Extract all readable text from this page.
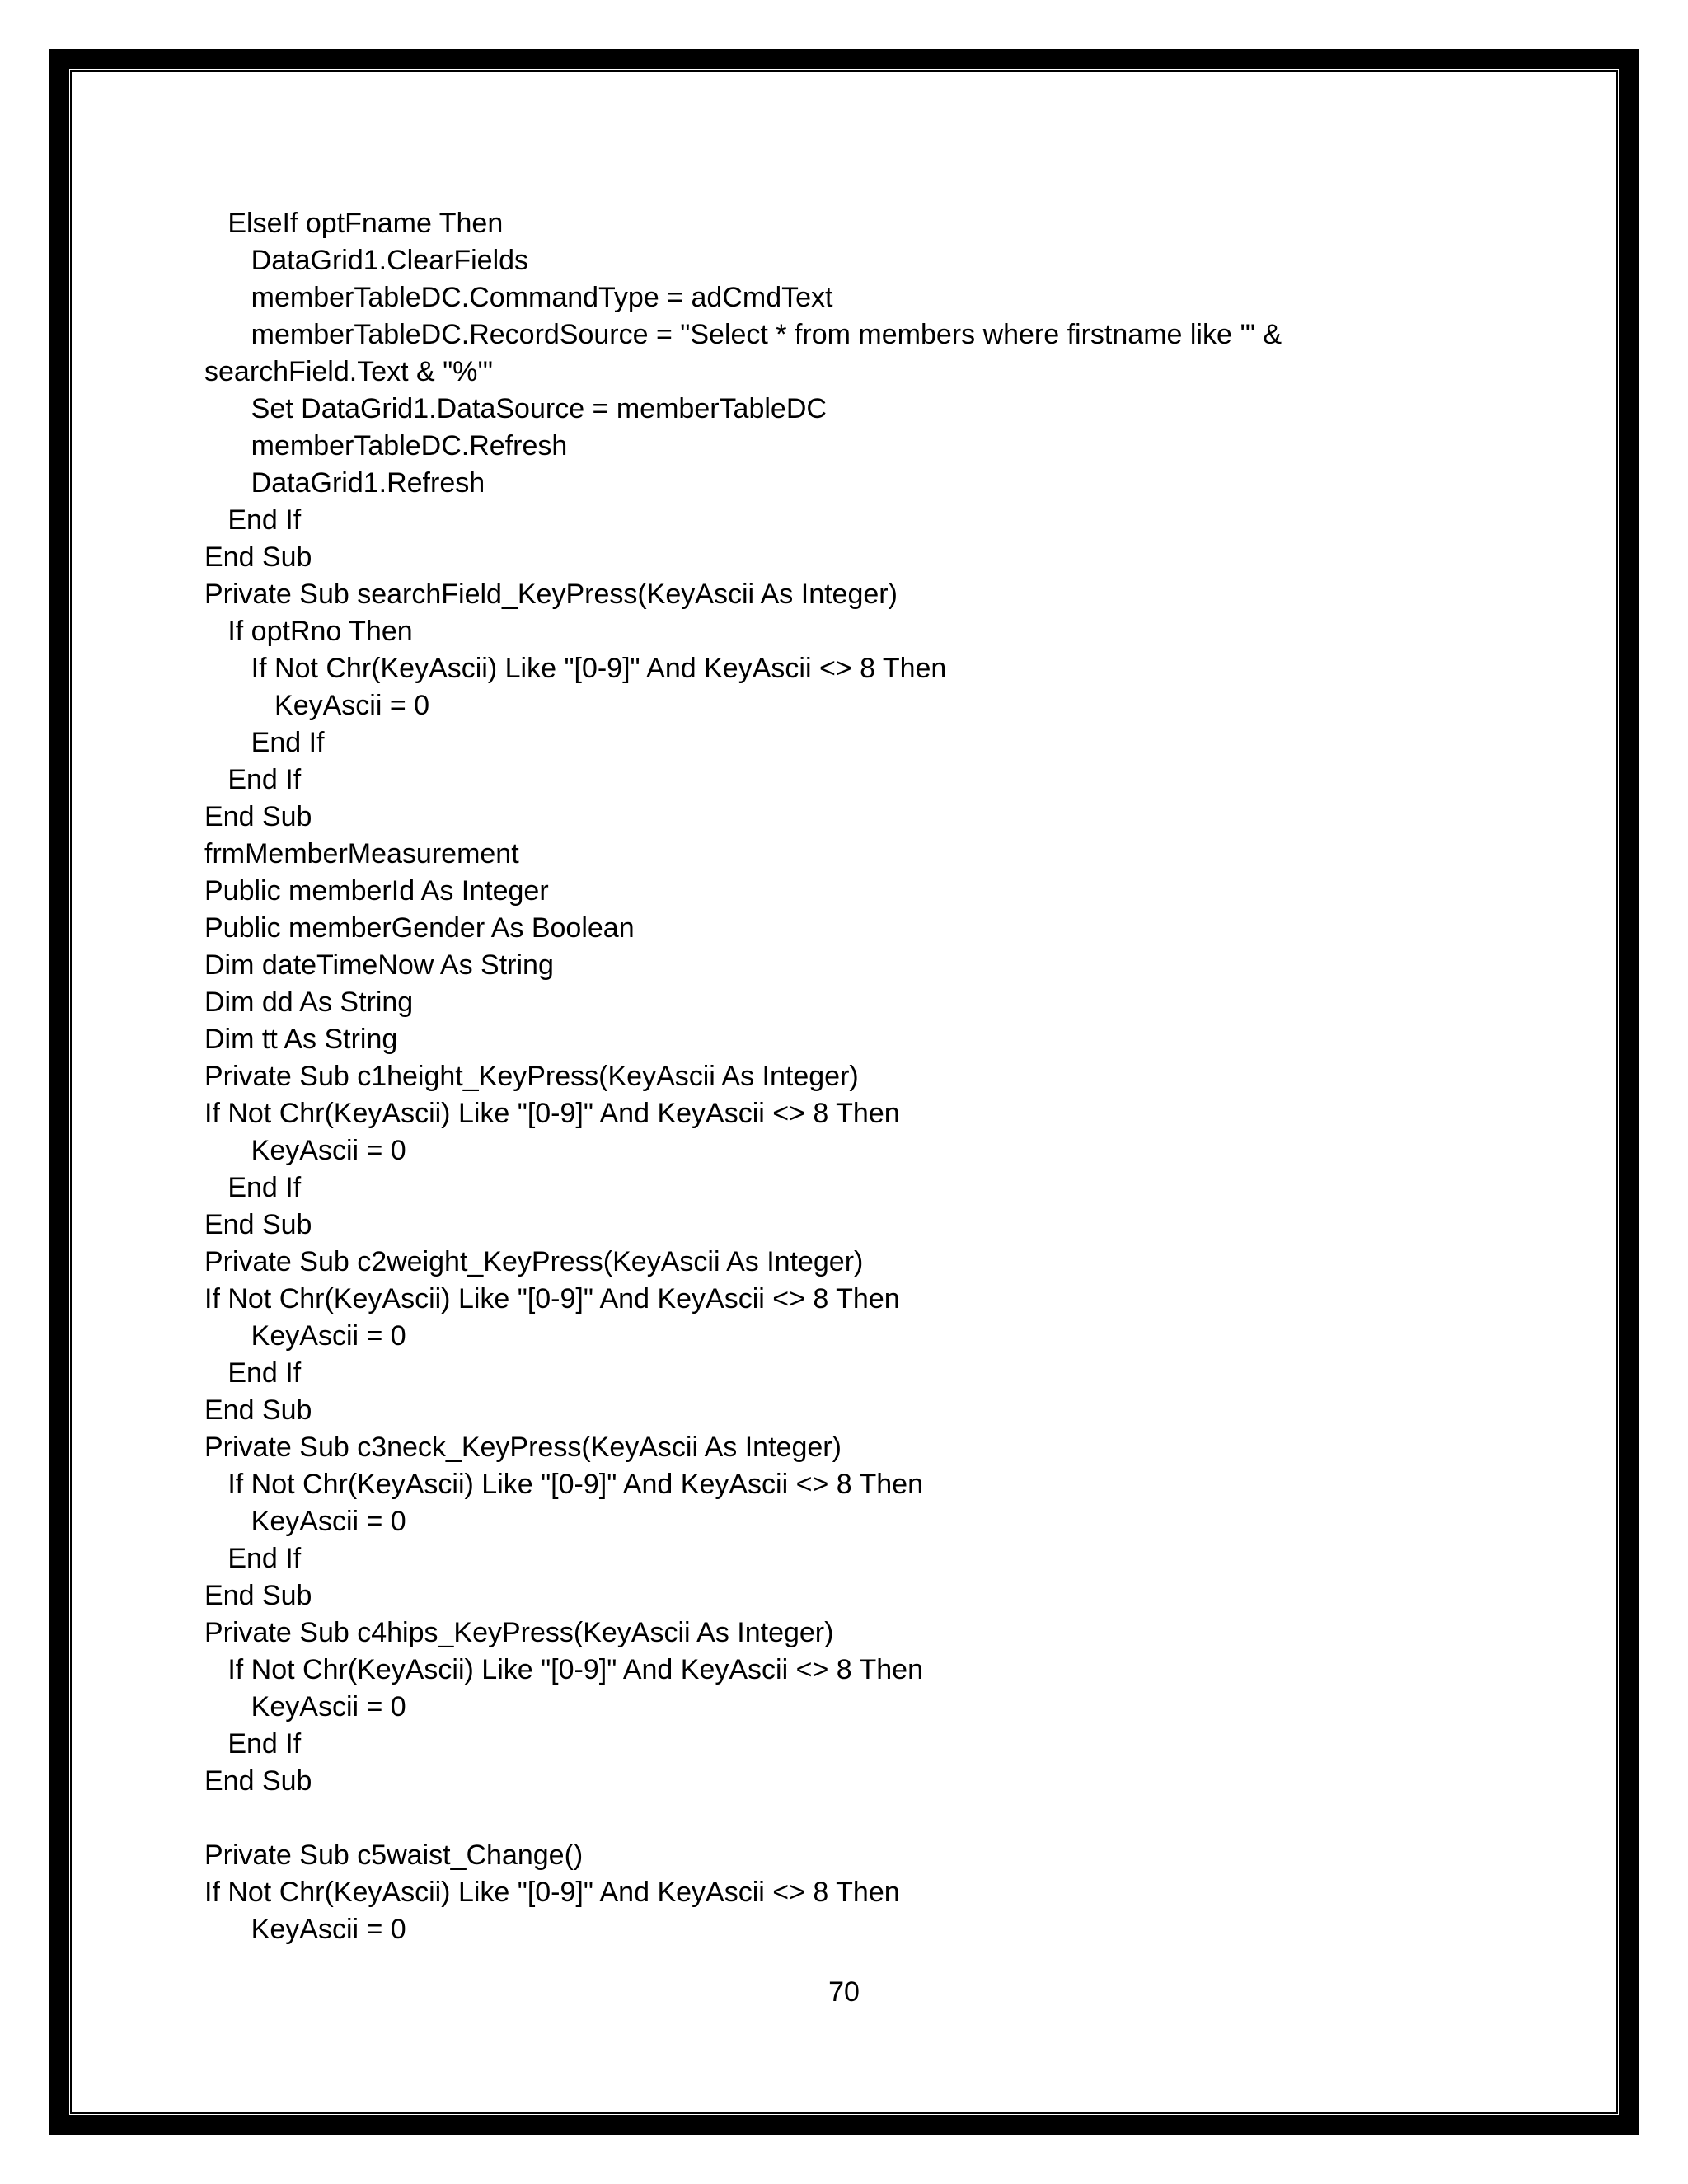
ElseIf optFname Then
DataGrid1.ClearFields
memberTableDC.CommandType = adCmdText
memberTableDC.RecordSource = "Select * from members where firstname like '" &
searchField.Text & "%'"
Set DataGrid1.DataSource = memberTableDC
memberTableDC.Refresh
DataGrid1.Refresh
End If
End Sub
Private Sub searchField_KeyPress(KeyAscii As Integer)
If optRno Then
If Not Chr(KeyAscii) Like "[0-9]" And KeyAscii <> 8 Then
KeyAscii = 0
End If
End If
End Sub
frmMemberMeasurement
Public memberId As Integer
Public memberGender As Boolean
Dim dateTimeNow As String
Dim dd As String
Dim tt As String
Private Sub c1height_KeyPress(KeyAscii As Integer)
If Not Chr(KeyAscii) Like "[0-9]" And KeyAscii <> 8 Then
KeyAscii = 0
End If
End Sub
Private Sub c2weight_KeyPress(KeyAscii As Integer)
If Not Chr(KeyAscii) Like "[0-9]" And KeyAscii <> 8 Then
KeyAscii = 0
End If
End Sub
Private Sub c3neck_KeyPress(KeyAscii As Integer)
If Not Chr(KeyAscii) Like "[0-9]" And KeyAscii <> 8 Then
KeyAscii = 0
End If
End Sub
Private Sub c4hips_KeyPress(KeyAscii As Integer)
If Not Chr(KeyAscii) Like "[0-9]" And KeyAscii <> 8 Then
KeyAscii = 0
End If
End Sub
Private Sub c5waist_Change()
If Not Chr(KeyAscii) Like "[0-9]" And KeyAscii <> 8 Then
KeyAscii = 0
70
